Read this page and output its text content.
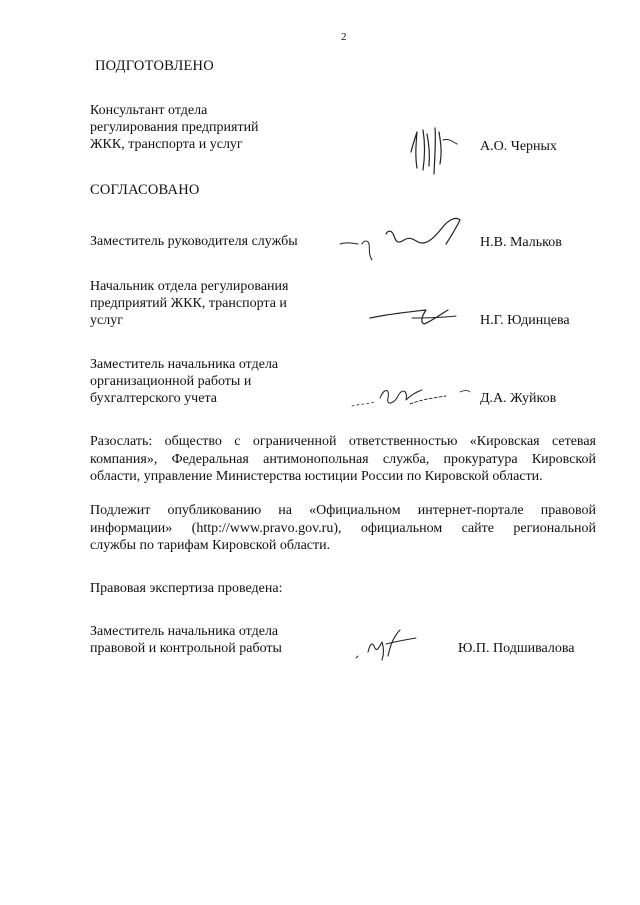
2
ПОДГОТОВЛЕНО
Консультант отдела
регулирования предприятий
ЖКК, транспорта и услуг	А.О. Черных
СОГЛАСОВАНО
Заместитель руководителя службы	Н.В. Мальков
Начальник отдела регулирования
предприятий ЖКК, транспорта и
услуг	Н.Г. Юдинцева
Заместитель начальника отдела
организационной работы и
бухгалтерского учета	Д.А. Жуйков
Разослать: общество с ограниченной ответственностью «Кировская сетевая
компания», Федеральная антимонопольная служба, прокуратура Кировской
области, управление Министерства юстиции России по Кировской области.
Подлежит опубликованию на «Официальном интернет-портале правовой
информации» (http://www.pravo.gov.ru), официальном сайте региональной
службы по тарифам Кировской области.
Правовая экспертиза проведена:
Заместитель начальника отдела
правовой и контрольной работы	Ю.П. Подшивалова
